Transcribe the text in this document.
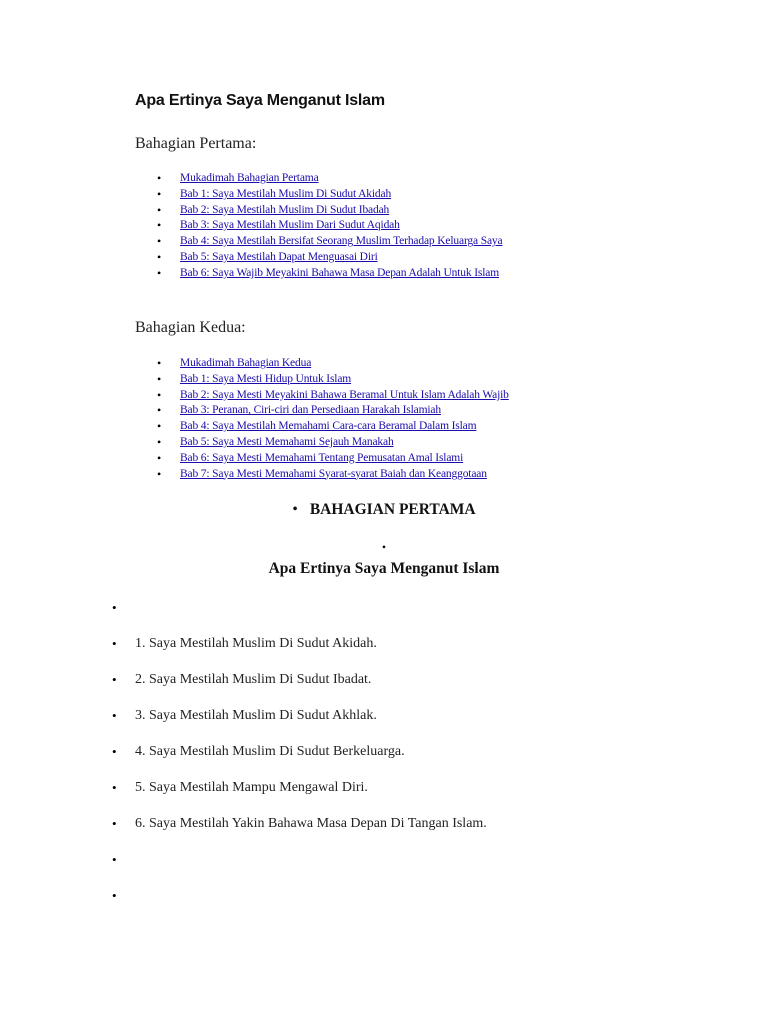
Apa Ertinya Saya Menganut Islam

Bahagian Pertama:

• Mukadimah Bahagian Pertama
• Bab 1: Saya Mestilah Muslim Di Sudut Akidah
• Bab 2: Saya Mestilah Muslim Di Sudut Ibadah
• Bab 3: Saya Mestilah Muslim Dari Sudut Aqidah
• Bab 4: Saya Mestilah Bersifat Seorang Muslim Terhadap Keluarga Saya
• Bab 5: Saya Mestilah Dapat Menguasai Diri
• Bab 6: Saya Wajib Meyakini Bahawa Masa Depan Adalah Untuk Islam

Bahagian Kedua:

• Mukadimah Bahagian Kedua
• Bab 1: Saya Mesti Hidup Untuk Islam
• Bab 2: Saya Mesti Meyakini Bahawa Beramal Untuk Islam Adalah Wajib
• Bab 3: Peranan, Ciri-ciri dan Persediaan Harakah Islamiah
• Bab 4: Saya Mestilah Memahami Cara-cara Beramal Dalam Islam
• Bab 5: Saya Mesti Memahami Sejauh Manakah
• Bab 6: Saya Mesti Memahami Tentang Pemusatan Amal Islami
• Bab 7: Saya Mesti Memahami Syarat-syarat Baiah dan Keanggotaan
• BAHAGIAN PERTAMA
•
Apa Ertinya Saya Menganut Islam
•
• 1. Saya Mestilah Muslim Di Sudut Akidah.
• 2. Saya Mestilah Muslim Di Sudut Ibadat.
• 3. Saya Mestilah Muslim Di Sudut Akhlak.
• 4. Saya Mestilah Muslim Di Sudut Berkeluarga.
• 5. Saya Mestilah Mampu Mengawal Diri.
• 6. Saya Mestilah Yakin Bahawa Masa Depan Di Tangan Islam.
•
•
